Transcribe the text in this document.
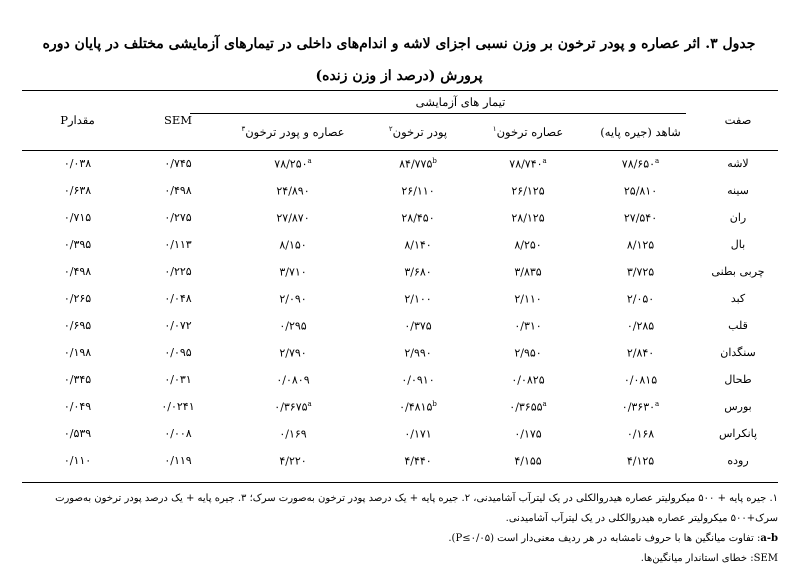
جدول ۳. اثر عصاره و پودر ترخون بر وزن نسبی اجزای لاشه و اندام‌های داخلی در تیمارهای آزمایشی مختلف در پایان دوره پرورش (درصد از وزن زنده)
صفت	تیمار های آزمایشی				SEM	مقدارP
	شاهد (جیره پایه)	عصاره ترخون$^۱$	پودر ترخون$^۲$	عصاره و پودر ترخون$^۳$
لاشه	۷۸/۶۵۰$^a$	۷۸/۷۴۰$^a$	۸۴/۷۷۵$^b$	۷۸/۲۵۰$^a$	۰/۷۴۵	۰/۰۳۸
سینه	۲۵/۸۱۰	۲۶/۱۲۵	۲۶/۱۱۰	۲۴/۸۹۰	۰/۴۹۸	۰/۶۳۸
ران	۲۷/۵۴۰	۲۸/۱۲۵	۲۸/۴۵۰	۲۷/۸۷۰	۰/۲۷۵	۰/۷۱۵
بال	۸/۱۲۵	۸/۲۵۰	۸/۱۴۰	۸/۱۵۰	۰/۱۱۳	۰/۳۹۵
چربی بطنی	۳/۷۲۵	۳/۸۳۵	۳/۶۸۰	۳/۷۱۰	۰/۲۲۵	۰/۴۹۸
کبد	۲/۰۵۰	۲/۱۱۰	۲/۱۰۰	۲/۰۹۰	۰/۰۴۸	۰/۲۶۵
قلب	۰/۲۸۵	۰/۳۱۰	۰/۳۷۵	۰/۲۹۵	۰/۰۷۲	۰/۶۹۵
سنگدان	۲/۸۴۰	۲/۹۵۰	۲/۹۹۰	۲/۷۹۰	۰/۰۹۵	۰/۱۹۸
طحال	۰/۰۸۱۵	۰/۰۸۲۵	۰/۰۹۱۰	۰/۰۸۰۹	۰/۰۳۱	۰/۳۴۵
بورس	۰/۳۶۳۰$^a$	۰/۳۶۵۵$^a$	۰/۴۸۱۵$^b$	۰/۳۶۷۵$^a$	۰/۰۲۴۱	۰/۰۴۹
پانکراس	۰/۱۶۸	۰/۱۷۵	۰/۱۷۱	۰/۱۶۹	۰/۰۰۸	۰/۵۳۹
روده	۴/۱۲۵	۴/۱۵۵	۴/۴۴۰	۴/۲۲۰	۰/۱۱۹	۰/۱۱۰
۱. جیره پایه + ۵۰۰ میکرولیتر عصاره هیدروالکلی در یک لیترآب آشامیدنی، ۲. جیره پایه + یک درصد پودر ترخون به‌صورت سرک؛ ۳. جیره پایه + یک درصد پودر ترخون به‌صورت سرک+۵۰۰ میکرولیتر عصاره هیدروالکلی در یک لیترآب آشامیدنی.
a-b: تفاوت میانگین ها با حروف نامشابه در هر ردیف معنی‌دار است (P≤۰/۰۵).
SEM: خطای استاندار میانگین‌ها.
